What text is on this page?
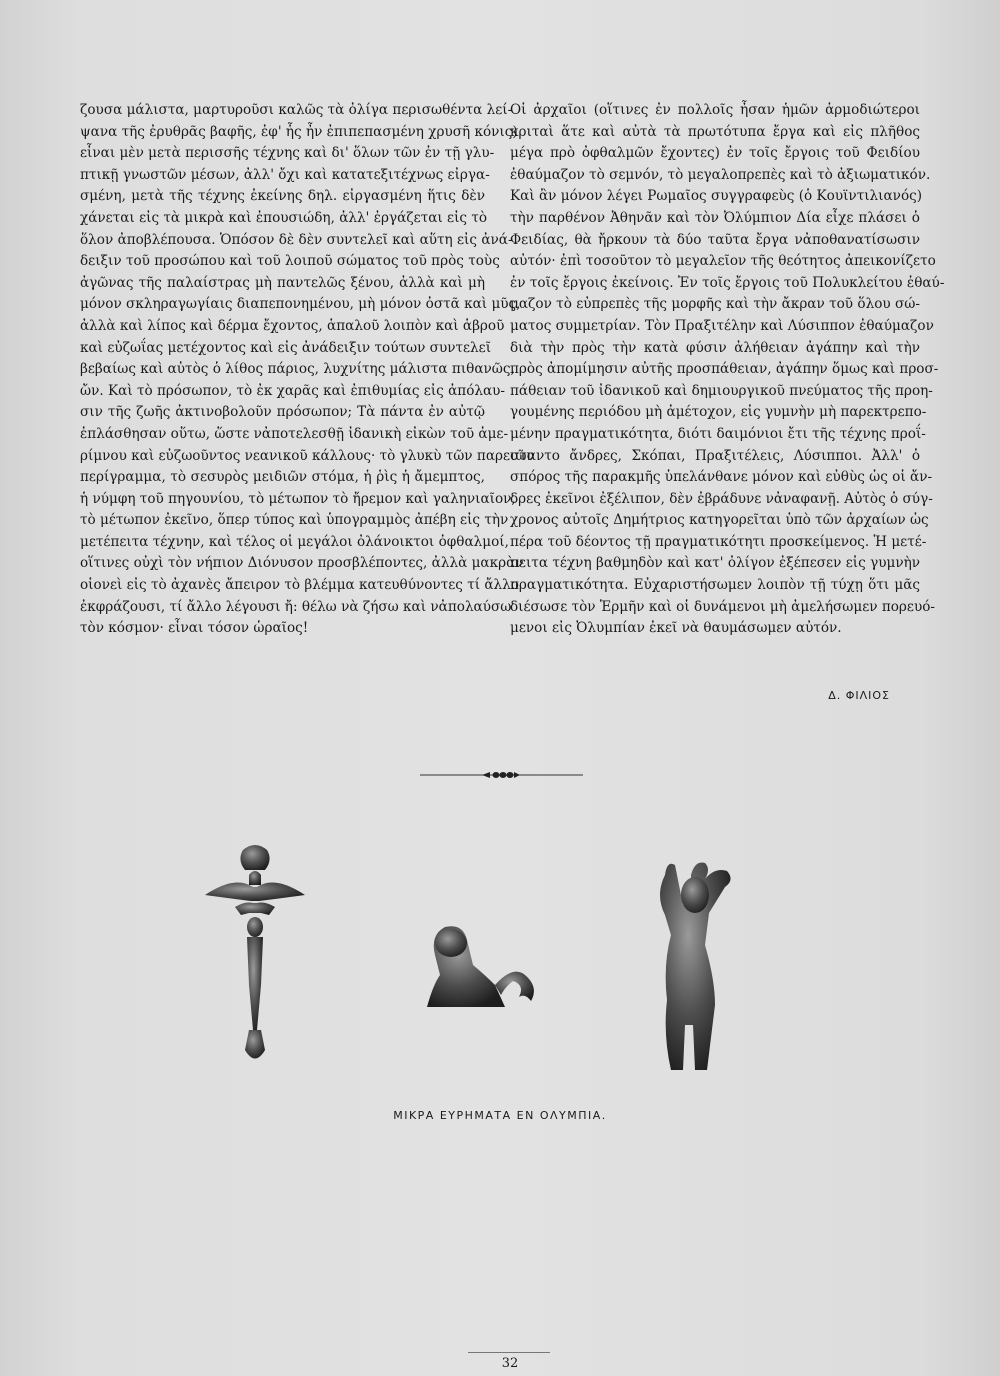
ζουσα μάλιστα, μαρτυροῦσι καλῶς τὰ ὀλίγα περισωθέντα λεί-
ψανα τῆς ἐρυθρᾶς βαφῆς, ἐφ' ἧς ἦν ἐπιπεπασμένη χρυσῆ κόνις)
εἶναι μὲν μετὰ περισσῆς τέχνης καὶ δι' ὅλων τῶν ἐν τῇ γλυ-
πτικῇ γνωστῶν μέσων, ἀλλ' ὄχι καὶ κατατεξιτέχνως εἰργα-
σμένη, μετὰ τῆς τέχνης ἐκείνης δηλ. εἰργασμένη ἥτις δὲν
χάνεται εἰς τὰ μικρὰ καὶ ἐπουσιώδη, ἀλλ' ἐργάζεται εἰς τὸ
ὅλον ἀποβλέπουσα. Ὁπόσον δὲ δὲν συντελεῖ καὶ αὕτη εἰς ἀνά-
δειξιν τοῦ προσώπου καὶ τοῦ λοιποῦ σώματος τοῦ πρὸς τοὺς
ἀγῶνας τῆς παλαίστρας μὴ παντελῶς ξένου, ἀλλὰ καὶ μὴ
μόνον σκληραγωγίαις διαπεπονημένου, μὴ μόνον ὀστᾶ καὶ μῦς,
ἀλλὰ καὶ λίπος καὶ δέρμα ἔχοντος, ἁπαλοῦ λοιπὸν καὶ ἁβροῦ
καὶ εὐζωΐας μετέχοντος καὶ εἰς ἀνάδειξιν τούτων συντελεῖ
βεβαίως καὶ αὐτὸς ὁ λίθος πάριος, λυχνίτης μάλιστα πιθανῶς,
ὤν. Καὶ τὸ πρόσωπον, τὸ ἐκ χαρᾶς καὶ ἐπιθυμίας εἰς ἀπόλαυ-
σιν τῆς ζωῆς ἀκτινοβολοῦν πρόσωπον; Τὰ πάντα ἐν αὐτῷ
ἐπλάσθησαν οὕτω, ὥστε νἀποτελεσθῇ ἰδανικὴ εἰκὼν τοῦ ἀμε-
ρίμνου καὶ εὐζωοῦντος νεανικοῦ κάλλους· τὸ γλυκὺ τῶν παρειῶν
περίγραμμα, τὸ σεσυρὸς μειδιῶν στόμα, ἡ ῥὶς ἡ ἄμεμπτος,
ἡ νύμφη τοῦ πηγουνίου, τὸ μέτωπον τὸ ἤρεμον καὶ γαληνιαῖον,
τὸ μέτωπον ἐκεῖνο, ὅπερ τύπος καὶ ὑπογραμμὸς ἀπέβη εἰς τὴν
μετέπειτα τέχνην, καὶ τέλος οἱ μεγάλοι ὀλάνοικτοι ὀφθαλμοί,
οἵτινες οὐχὶ τὸν νήπιον Διόνυσον προσβλέποντες, ἀλλὰ μακρὰν
οἱονεὶ εἰς τὸ ἀχανὲς ἄπειρον τὸ βλέμμα κατευθύνοντες τί ἄλλο
ἐκφράζουσι, τί ἄλλο λέγουσι ἤ: θέλω νὰ ζήσω καὶ νἀπολαύσω
τὸν κόσμον· εἶναι τόσον ὡραῖος!
Οἱ ἀρχαῖοι (οἵτινες ἐν πολλοῖς ἦσαν ἡμῶν ἁρμοδιώτεροι
κριταὶ ἅτε καὶ αὐτὰ τὰ πρωτότυπα ἔργα καὶ εἰς πλῆθος
μέγα πρὸ ὀφθαλμῶν ἔχοντες) ἐν τοῖς ἔργοις τοῦ Φειδίου
ἐθαύμαζον τὸ σεμνόν, τὸ μεγαλοπρεπὲς καὶ τὸ ἀξιωματικόν.
Καὶ ἂν μόνον λέγει Ρωμαῖος συγγραφεὺς (ὁ Κουϊντιλιανός)
τὴν παρθένον Ἀθηνᾶν καὶ τὸν Ὀλύμπιον Δία εἶχε πλάσει ὁ
Φειδίας, θὰ ἤρκουν τὰ δύο ταῦτα ἔργα νἀποθανατίσωσιν
αὐτόν· ἐπὶ τοσοῦτον τὸ μεγαλεῖον τῆς θεότητος ἀπεικονίζετο
ἐν τοῖς ἔργοις ἐκείνοις. Ἐν τοῖς ἔργοις τοῦ Πολυκλείτου ἐθαύ-
μαζον τὸ εὐπρεπὲς τῆς μορφῆς καὶ τὴν ἄκραν τοῦ ὅλου σώ-
ματος συμμετρίαν. Τὸν Πραξιτέλην καὶ Λύσιππον ἐθαύμαζον
διὰ τὴν πρὸς τὴν κατὰ φύσιν ἀλήθειαν ἀγάπην καὶ τὴν
πρὸς ἀπομίμησιν αὐτῆς προσπάθειαν, ἀγάπην ὅμως καὶ προσ-
πάθειαν τοῦ ἰδανικοῦ καὶ δημιουργικοῦ πνεύματος τῆς προη-
γουμένης περιόδου μὴ ἀμέτοχον, εἰς γυμνὴν μὴ παρεκτρεπο-
μένην πραγματικότητα, διότι δαιμόνιοι ἔτι τῆς τέχνης προΐ-
σταντο ἄνδρες, Σκόπαι, Πραξιτέλεις, Λύσιπποι. Ἀλλ' ὁ
σπόρος τῆς παρακμῆς ὑπελάνθανε μόνον καὶ εὐθὺς ὡς οἱ ἄν-
δρες ἐκεῖνοι ἐξέλιπον, δὲν ἐβράδυνε νἀναφανῇ. Αὐτὸς ὁ σύγ-
χρονος αὐτοῖς Δημήτριος κατηγορεῖται ὑπὸ τῶν ἀρχαίων ὡς
πέρα τοῦ δέοντος τῇ πραγματικότητι προσκείμενος. Ἡ μετέ-
πειτα τέχνη βαθμηδὸν καὶ κατ' ὀλίγον ἐξέπεσεν εἰς γυμνὴν
πραγματικότητα. Εὐχαριστήσωμεν λοιπὸν τῇ τύχῃ ὅτι μᾶς
διέσωσε τὸν Ἑρμῆν καὶ οἱ δυνάμενοι μὴ ἀμελήσωμεν πορευό-
μενοι εἰς Ὀλυμπίαν ἐκεῖ νὰ θαυμάσωμεν αὐτόν.
Δ. ΦΙΛΙΟΣ
ΜΙΚΡΑ ΕΥΡΗΜΑΤΑ ΕΝ ΟΛΥΜΠΙΑ.
32
